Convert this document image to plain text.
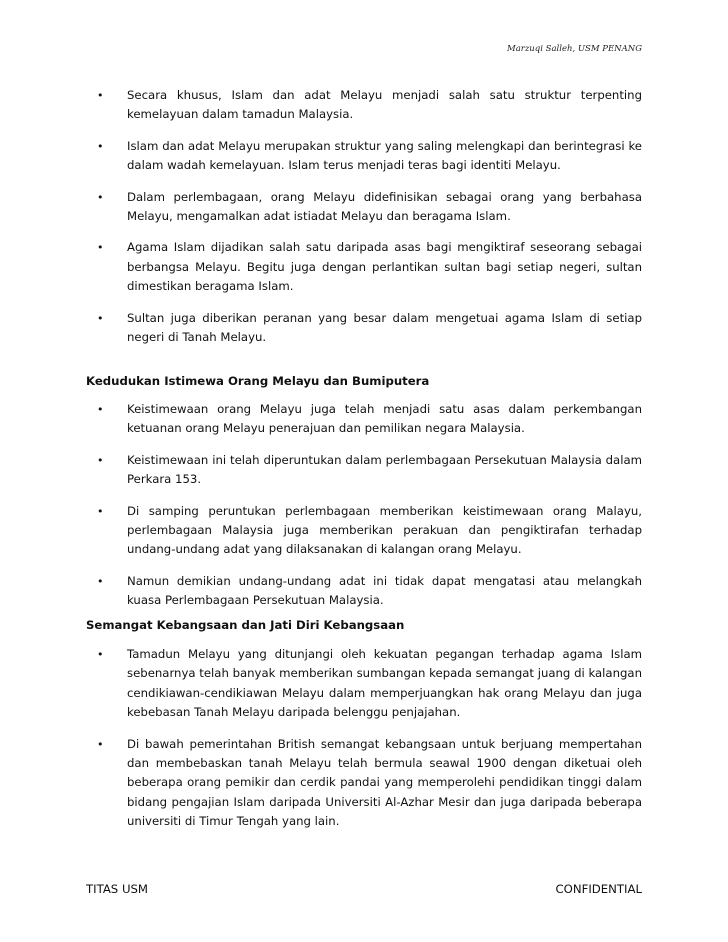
Marzuqi Salleh, USM PENANG
• Secara khusus, Islam dan adat Melayu menjadi salah satu struktur terpenting kemelayuan dalam tamadun Malaysia.
• Islam dan adat Melayu merupakan struktur yang saling melengkapi dan berintegrasi ke dalam wadah kemelayuan. Islam terus menjadi teras bagi identiti Melayu.
• Dalam perlembagaan, orang Melayu didefinisikan sebagai orang yang berbahasa Melayu, mengamalkan adat istiadat Melayu dan beragama Islam.
• Agama Islam dijadikan salah satu daripada asas bagi mengiktiraf seseorang sebagai berbangsa Melayu. Begitu juga dengan perlantikan sultan bagi setiap negeri, sultan dimestikan beragama Islam.
• Sultan juga diberikan peranan yang besar dalam mengetuai agama Islam di setiap negeri di Tanah Melayu.

Kedudukan Istimewa Orang Melayu dan Bumiputera

• Keistimewaan orang Melayu juga telah menjadi satu asas dalam perkembangan ketuanan orang Melayu penerajuan dan pemilikan negara Malaysia.
• Keistimewaan ini telah diperuntukan dalam perlembagaan Persekutuan Malaysia dalam Perkara 153.
• Di samping peruntukan perlembagaan memberikan keistimewaan orang Malayu, perlembagaan Malaysia juga memberikan perakuan dan pengiktirafan terhadap undang-undang adat yang dilaksanakan di kalangan orang Melayu.
• Namun demikian undang-undang adat ini tidak dapat mengatasi atau melangkah kuasa Perlembagaan Persekutuan Malaysia.

Semangat Kebangsaan dan Jati Diri Kebangsaan

• Tamadun Melayu yang ditunjangi oleh kekuatan pegangan terhadap agama Islam sebenarnya telah banyak memberikan sumbangan kepada semangat juang di kalangan cendikiawan-cendikiawan Melayu dalam memperjuangkan hak orang Melayu dan juga kebebasan Tanah Melayu daripada belenggu penjajahan.
• Di bawah pemerintahan British semangat kebangsaan untuk berjuang mempertahan dan membebaskan tanah Melayu telah bermula seawal 1900 dengan diketuai oleh beberapa orang pemikir dan cerdik pandai yang memperolehi pendidikan tinggi dalam bidang pengajian Islam daripada Universiti Al-Azhar Mesir dan juga daripada beberapa universiti di Timur Tengah yang lain.
TITAS USM	CONFIDENTIAL
